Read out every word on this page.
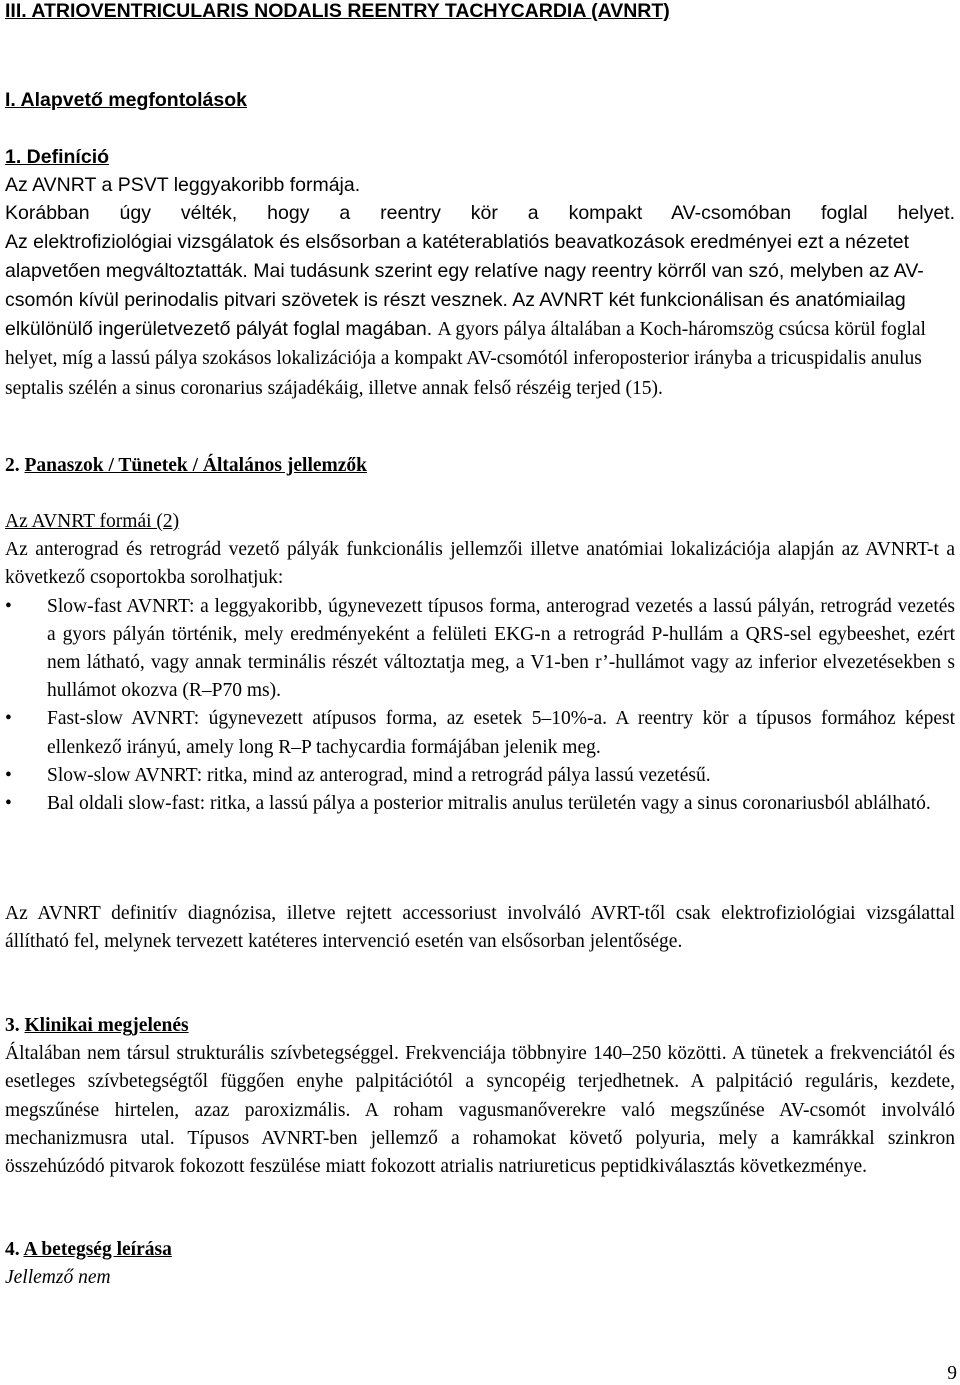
III. ATRIOVENTRICULARIS NODALIS REENTRY TACHYCARDIA (AVNRT)
I. Alapvető megfontolások
1. Definíció
Az AVNRT a PSVT leggyakoribb formája.
Korábban úgy vélték, hogy a reentry kör a kompakt AV-csomóban foglal helyet.

Az elektrofiziológiai vizsgálatok és elsősorban a katéterablatiós beavatkozások eredményei ezt a nézetet alapvetően megváltoztatták. Mai tudásunk szerint egy relatíve nagy reentry körről van szó, melyben az AV-csomón kívül perinodalis pitvari szövetek is részt vesznek. Az AVNRT két funkcionálisan és anatómiailag elkülönülő ingerületvezető pályát foglal magában. A gyors pálya általában a Koch-háromszög csúcsa körül foglal helyet, míg a lassú pálya szokásos lokalizációja a kompakt AV-csomótól inferoposterior irányba a tricuspidalis anulus septalis szélén a sinus coronarius szájadékáig, illetve annak felső részéig terjed (15).

2. Panaszok / Tünetek / Általános jellemzők
Az AVNRT formái (2)

Az anterograd és retrográd vezető pályák funkcionális jellemzői illetve anatómiai lokalizációja alapján az AVNRT-t a következő csoportokba sorolhatjuk:

• Slow-fast AVNRT: a leggyakoribb, úgynevezett típusos forma, anterograd vezetés a lassú pályán, retrográd vezetés a gyors pályán történik, mely eredményeként a felületi EKG-n a retrográd P-hullám a QRS-sel egybeeshet, ezért nem látható, vagy annak terminális részét változtatja meg, a V1-ben r’-hullámot vagy az inferior elvezetésekben s hullámot okozva (R–P70 ms).
• Fast-slow AVNRT: úgynevezett atípusos forma, az esetek 5–10%-a. A reentry kör a típusos formához képest ellenkező irányú, amely long R–P tachycardia formájában jelenik meg.
• Slow-slow AVNRT: ritka, mind az anterograd, mind a retrográd pálya lassú vezetésű.
• Bal oldali slow-fast: ritka, a lassú pálya a posterior mitralis anulus területén vagy a sinus coronariusból ablálható.

Az AVNRT definitív diagnózisa, illetve rejtett accessoriust involváló AVRT-től csak elektrofiziológiai vizsgálattal állítható fel, melynek tervezett katéteres intervenció esetén van elsősorban jelentősége.

3. Klinikai megjelenés

Általában nem társul strukturális szívbetegséggel. Frekvenciája többnyire 140–250 közötti. A tünetek a frekvenciától és esetleges szívbetegségtől függően enyhe palpitációtól a syncopéig terjedhetnek. A palpitáció reguláris, kezdete, megszűnése hirtelen, azaz paroxizmális. A roham vagusmanőverekre való megszűnése AV-csomót involváló mechanizmusra utal. Típusos AVNRT-ben jellemző a rohamokat követő polyuria, mely a kamrákkal szinkron összehúzódó pitvarok fokozott feszülése miatt fokozott atrialis natriureticus peptidkiválasztás következménye.

4. A betegség leírása
Jellemző nem
9
